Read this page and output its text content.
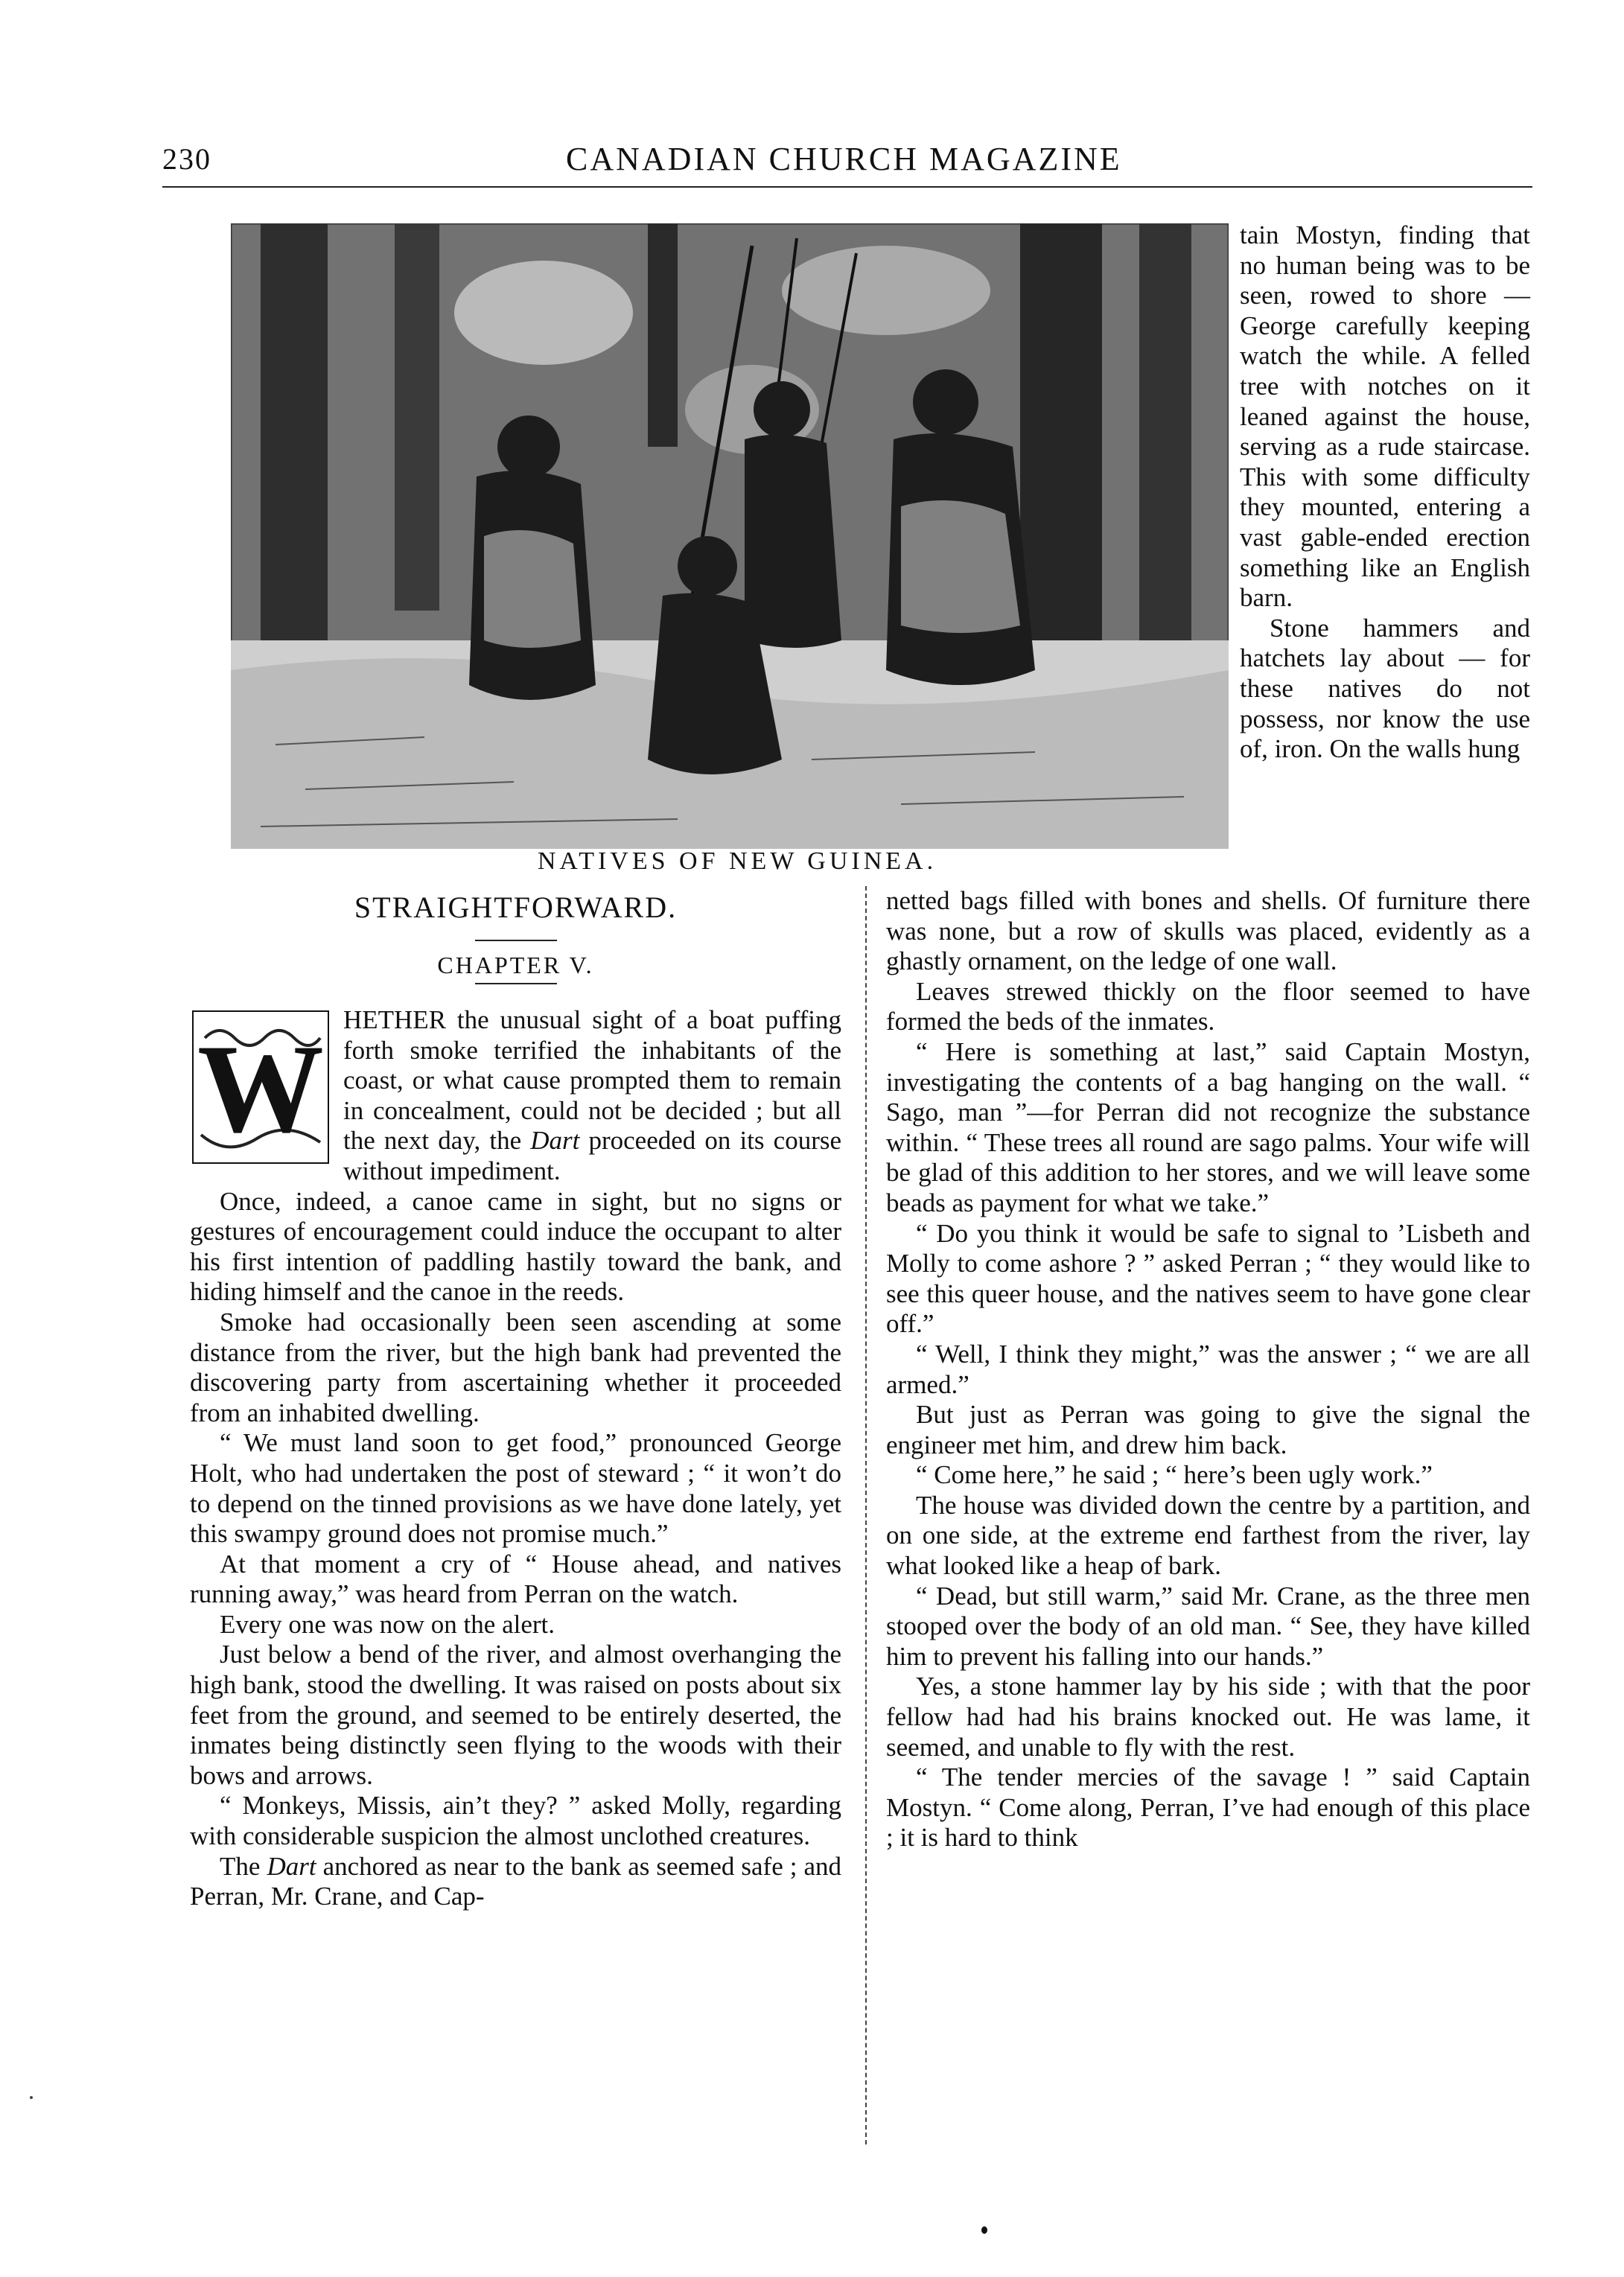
230	CANADIAN CHURCH MAGAZINE
NATIVES OF NEW GUINEA.

tain Mostyn, finding that no human being was to be seen, rowed to shore — George carefully keeping watch the while. A felled tree with notches on it leaned against the house, serving as a rude staircase. This with some difficulty they mounted, entering a vast gable-ended erection something like an English barn.

Stone hammers and hatchets lay about — for these natives do not possess, nor know the use of, iron. On the walls hung

STRAIGHTFORWARD.
CHAPTER V.
W HETHER the unusual sight of a boat puffing forth smoke terrified the inhabitants of the coast, or what cause prompted them to remain in concealment, could not be decided ; but all the next day, the Dart proceeded on its course without impediment.

Once, indeed, a canoe came in sight, but no signs or gestures of encouragement could induce the occupant to alter his first intention of paddling hastily toward the bank, and hiding himself and the canoe in the reeds.

Smoke had occasionally been seen ascending at some distance from the river, but the high bank had prevented the discovering party from ascertaining whether it proceeded from an inhabited dwelling.

“ We must land soon to get food,” pronounced George Holt, who had undertaken the post of steward ; “ it won’t do to depend on the tinned provisions as we have done lately, yet this swampy ground does not promise much.”

At that moment a cry of “ House ahead, and natives running away,” was heard from Perran on the watch.

Every one was now on the alert.

Just below a bend of the river, and almost overhanging the high bank, stood the dwelling. It was raised on posts about six feet from the ground, and seemed to be entirely deserted, the inmates being distinctly seen flying to the woods with their bows and arrows.

“ Monkeys, Missis, ain’t they? ” asked Molly, regarding with considerable suspicion the almost unclothed creatures.

The Dart anchored as near to the bank as seemed safe ; and Perran, Mr. Crane, and Cap-

netted bags filled with bones and shells. Of furniture there was none, but a row of skulls was placed, evidently as a ghastly ornament, on the ledge of one wall.

Leaves strewed thickly on the floor seemed to have formed the beds of the inmates.

“ Here is something at last,” said Captain Mostyn, investigating the contents of a bag hanging on the wall. “ Sago, man ”—for Perran did not recognize the substance within. “ These trees all round are sago palms. Your wife will be glad of this addition to her stores, and we will leave some beads as payment for what we take.”

“ Do you think it would be safe to signal to ’Lisbeth and Molly to come ashore ? ” asked Perran ; “ they would like to see this queer house, and the natives seem to have gone clear off.”

“ Well, I think they might,” was the answer ; “ we are all armed.”

But just as Perran was going to give the signal the engineer met him, and drew him back.

“ Come here,” he said ; “ here’s been ugly work.”

The house was divided down the centre by a partition, and on one side, at the extreme end farthest from the river, lay what looked like a heap of bark.

“ Dead, but still warm,” said Mr. Crane, as the three men stooped over the body of an old man. “ See, they have killed him to prevent his falling into our hands.”

Yes, a stone hammer lay by his side ; with that the poor fellow had had his brains knocked out. He was lame, it seemed, and unable to fly with the rest.

“ The tender mercies of the savage ! ” said Captain Mostyn. “ Come along, Perran, I’ve had enough of this place ; it is hard to think
